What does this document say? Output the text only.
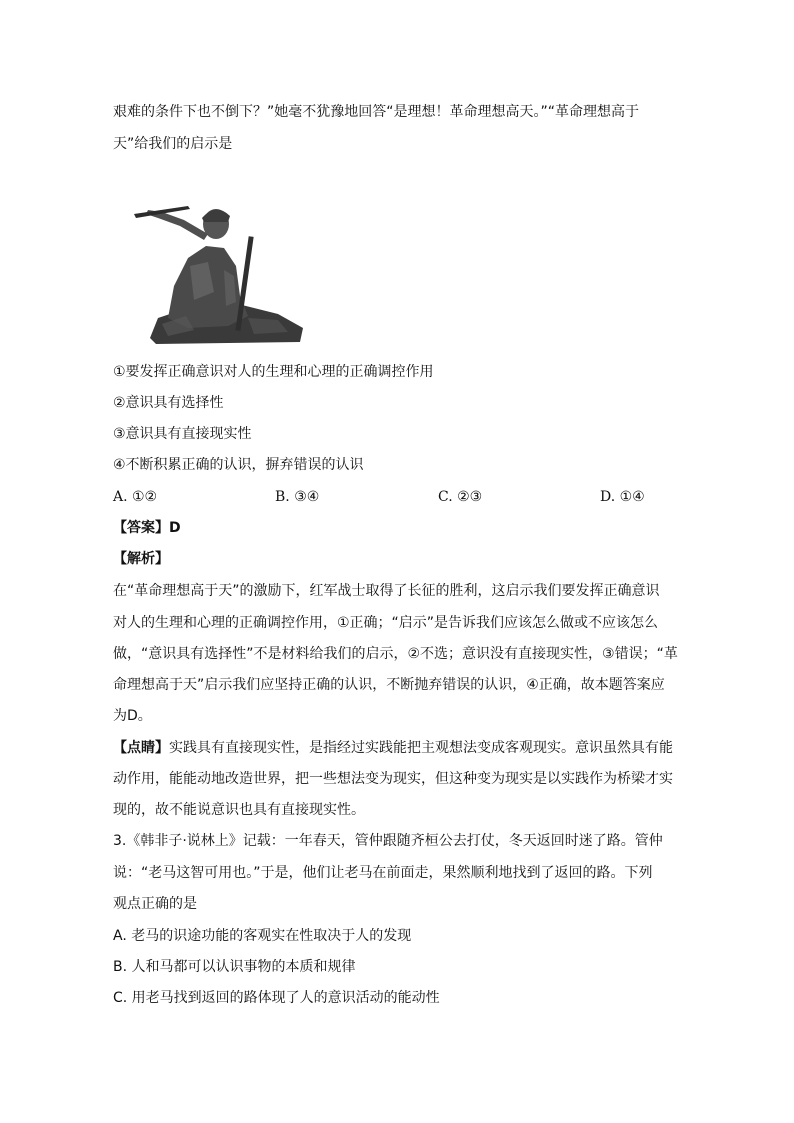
艰难的条件下也不倒下？”她毫不犹豫地回答“是理想！革命理想高天。”“革命理想高于
天”给我们的启示是
①要发挥正确意识对人的生理和心理的正确调控作用
②意识具有选择性
③意识具有直接现实性
④不断积累正确的认识，摒弃错误的认识
A. ①②	B. ③④	C. ②③	D. ①④
【答案】D
【解析】
在“革命理想高于天”的激励下，红军战士取得了长征的胜利，这启示我们要发挥正确意识
对人的生理和心理的正确调控作用，①正确；“启示”是告诉我们应该怎么做或不应该怎么
做，“意识具有选择性”不是材料给我们的启示，②不选；意识没有直接现实性，③错误；“革
命理想高于天”启示我们应坚持正确的认识，不断抛弃错误的认识，④正确，故本题答案应
为D。
【点睛】实践具有直接现实性，是指经过实践能把主观想法变成客观现实。意识虽然具有能
动作用，能能动地改造世界，把一些想法变为现实，但这种变为现实是以实践作为桥梁才实
现的，故不能说意识也具有直接现实性。
3.《韩非子·说林上》记载：一年春天，管仲跟随齐桓公去打仗，冬天返回时迷了路。管仲
说：“老马这智可用也。”于是，他们让老马在前面走，果然顺利地找到了返回的路。下列
观点正确的是
A. 老马的识途功能的客观实在性取决于人的发现
B. 人和马都可以认识事物的本质和规律
C. 用老马找到返回的路体现了人的意识活动的能动性
